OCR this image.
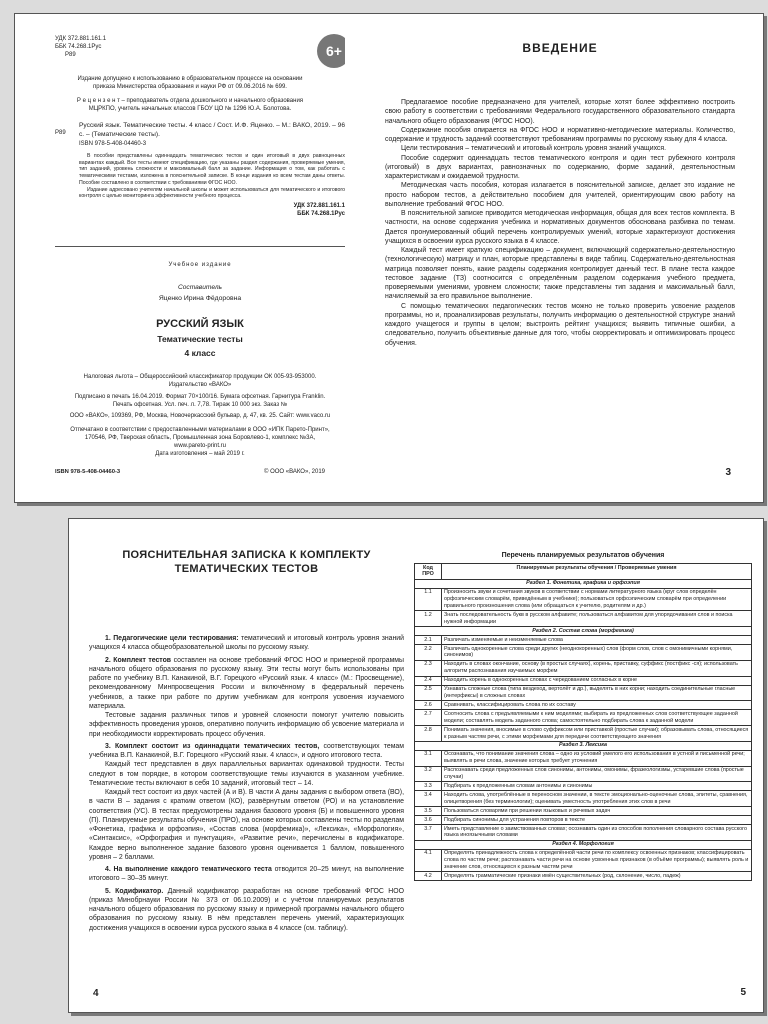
УДК 372.881.161.1
ББК 74.268.1Рус
Р89	6+
Издание допущено к использованию в образовательном процессе на основании приказа Министерства образования и науки РФ от 09.06.2016 № 699.
Р е ц е н з е н т – преподаватель отдела дошкольного и начального образования МЦРКПО, учитель начальных классов ГБОУ ЦО № 1296 Ю.А. Болотова.
Р89
Русский язык. Тематические тесты. 4 класс / Сост. И.Ф. Яценко. – М.: ВАКО, 2019. – 96 с. – (Тематические тесты).
ISBN 978-5-408-04460-3
В пособии представлены одиннадцать тематических тестов и один итоговый в двух равноценных вариантах каждый. Все тесты имеют спецификацию, где указаны раздел содержания, проверяемые умения, тип заданий, уровень сложности и максимальный балл за задание. Информация о том, как работать с тематическими тестами, изложена в пояснительной записке. В конце издания ко всем тестам даны ответы. Пособие составлено в соответствии с требованиями ФГОС НОО.
Издание адресовано учителям начальной школы и может использоваться для тематического и итогового контроля с целью мониторинга эффективности учебного процесса.
УДК 372.881.161.1
ББК 74.268.1Рус
Учебное издание
Составитель
Яценко Ирина Фёдоровна
РУССКИЙ ЯЗЫК
Тематические тесты
4 класс
Налоговая льгота – Общероссийский классификатор продукции ОК 005-93-953000. Издательство «ВАКО»
Подписано в печать 16.04.2019. Формат 70×100/16. Бумага офсетная. Гарнитура Franklin. Печать офсетная. Усл. печ. л. 7,78. Тираж 10 000 экз. Заказ №
ООО «ВАКО», 109369, РФ, Москва, Новочеркасский бульвар, д. 47, кв. 25. Сайт: www.vaco.ru
Отпечатано в соответствии с предоставленными материалами в ООО «ИПК Парето-Принт», 170546, РФ, Тверская область, Промышленная зона Боровлево-1, комплекс №3А, www.pareto-print.ru
Дата изготовления – май 2019 г.
ISBN 978-5-408-04460-3	© ООО «ВАКО», 2019
ВВЕДЕНИЕ

Предлагаемое пособие предназначено для учителей, которые хотят более эффективно построить свою работу в соответствии с требованиями Федерального государственного образовательного стандарта начального общего образования (ФГОС НОО).

Содержание пособия опирается на ФГОС НОО и нормативно-методические материалы. Количество, содержание и трудность заданий соответствуют требованиям программы по русскому языку для 4 класса.

Цели тестирования – тематический и итоговый контроль уровня знаний учащихся.

Пособие содержит одиннадцать тестов тематического контроля и один тест рубежного контроля (итоговый) в двух вариантах, равнозначных по содержанию, форме заданий, деятельностным характеристикам и ожидаемой трудности.

Методическая часть пособия, которая излагается в пояснительной записке, делает это издание не просто набором тестов, а действительно пособием для учителей, ориентирующим свою работу на выполнение требований ФГОС НОО.

В пояснительной записке приводится методическая информация, общая для всех тестов комплекта. В частности, на основе содержания учебника и нормативных документов обоснована разбивка по темам. Дается пронумерованный общий перечень контролируемых умений, которые характеризуют достижения учащихся в освоении курса русского языка в 4 классе.

Каждый тест имеет краткую спецификацию – документ, включающий содержательно-деятельностную (технологическую) матрицу и план, которые представлены в виде таблиц. Содержательно-деятельностная матрица позволяет понять, какие разделы содержания контролирует данный тест. В плане теста каждое тестовое задание (ТЗ) соотносится с определённым разделом содержания учебного предмета, проверяемыми умениями, уровнем сложности; также представлены тип задания и максимальный балл, начисляемый за его правильное выполнение.

С помощью тематических педагогических тестов можно не только проверить усвоение разделов программы, но и, проанализировав результаты, получить информацию о деятельностной структуре знаний каждого учащегося и группы в целом; выстроить рейтинг учащихся; выявить типичные ошибки, а следовательно, получить объективные данные для того, чтобы скорректировать и оптимизировать процесс обучения.

3
ПОЯСНИТЕЛЬНАЯ ЗАПИСКА К КОМПЛЕКТУ
ТЕМАТИЧЕСКИХ ТЕСТОВ

1. Педагогические цели тестирования: тематический и итоговый контроль уровня знаний учащихся 4 класса общеобразовательной школы по русскому языку.

2. Комплект тестов составлен на основе требований ФГОС НОО и примерной программы начального общего образования по русскому языку. Эти тесты могут быть использованы при работе по учебнику В.П. Канакиной, В.Г. Горецкого «Русский язык. 4 класс» (М.: Просвещение), рекомендованному Минпросвещения России и включённому в федеральный перечень учебников, а также при работе по другим учебникам для контроля усвоения изучаемого материала.

Тестовые задания различных типов и уровней сложности помогут учителю повысить эффективность проведения уроков, оперативно получить информацию об усвоение материала и при необходимости корректировать процесс обучения.

3. Комплект состоит из одиннадцати тематических тестов, соответствующих темам учебника В.П. Канакиной, В.Г. Горецкого «Русский язык. 4 класс», и одного итогового теста.

Каждый тест представлен в двух параллельных вариантах одинаковой трудности. Тесты следуют в том порядке, в котором соответствующие темы изучаются в указанном учебнике. Тематические тесты включают в себя 10 заданий, итоговый тест – 14.

Каждый тест состоит из двух частей (А и В). В части А даны задания с выбором ответа (ВО), в части В – задания с кратким ответом (КО), развёрнутым ответом (РО) и на установление соответствия (УС). В тестах предусмотрены задания базового уровня (Б) и повышенного уровня (П). Планируемые результаты обучения (ПРО), на основе которых составлены тесты по разделам «Фонетика, графика и орфоэпия», «Состав слова (морфемика)», «Лексика», «Морфология», «Синтаксис», «Орфография и пунктуация», «Развитие речи», перечислены в кодификаторе. Каждое верно выполненное задание базового уровня оценивается 1 баллом, повышенного уровня – 2 баллами.

4. На выполнение каждого тематического теста отводится 20–25 минут, на выполнение итогового – 30–35 минут.

5. Кодификатор. Данный кодификатор разработан на основе требований ФГОС НОО (приказ Минобрнауки России № 373 от 06.10.2009) и с учётом планируемых результатов начального общего образования по русскому языку и примерной программы начального общего образования по русскому языку. В нём представлен перечень умений, характеризующих достижения учащихся в освоении курса русского языка в 4 классе (см. таблицу).

4
Перечень планируемых результатов обучения
Код ПРО	Планируемые результаты обучения / Проверяемые умения
Раздел 1. Фонетика, графика и орфоэпия	
1.1	Произносить звуки и сочетания звуков в соответствии с нормами литературного языка (круг слов определён орфоэпическим словарём, приведённым в учебнике); пользоваться орфоэпическим словарём при определении правильного произношения слова (или обращаться к учителю, родителям и др.)
1.2	Знать последовательность букв в русском алфавите; пользоваться алфавитом для упорядочивания слов и поиска нужной информации
Раздел 2. Состав слова (морфемика)	
2.1	Различать изменяемые и неизменяемые слова
2.2	Различать однокоренные слова среди других (неоднокоренных) слов (форм слов, слов с омонимичными корнями, синонимов)
2.3	Находить в словах окончание, основу (в простых случаях), корень, приставку, суффикс (постфикс -ся); использовать алгоритм распознавания изучаемых морфем
2.4	Находить корень в однокоренных словах с чередованием согласных в корне
2.5	Узнавать сложные слова (типа вездеход, вертолёт и др.), выделять в них корни; находить соединительные гласные (интерфиксы) в сложных словах
2.6	Сравнивать, классифицировать слова по их составу
2.7	Соотносить слова с предъявляемыми к ним моделями; выбирать из предложенных слов соответствующее заданной модели; составлять модель заданного слова; самостоятельно подбирать слова к заданной модели
2.8	Понимать значения, вносимые в слово суффиксом или приставкой (простые случаи); образовывать слова, относящиеся к разным частям речи, с этими морфемами для передачи соответствующего значения
Раздел 3. Лексика	
3.1	Осознавать, что понимание значения слова – одно из условий умелого его использования в устной и письменной речи; выявлять в речи слова, значение которых требует уточнения
3.2	Распознавать среди предложенных слов синонимы, антонимы, омонимы, фразеологизмы, устаревшие слова (простые случаи)
3.3	Подбирать к предложенным словам антонимы и синонимы
3.4	Находить слова, употреблённые в переносном значении, в тексте эмоционально-оценочные слова, эпитеты, сравнения, олицетворения (без терминологии); оценивать уместность употребления этих слов в речи
3.5	Пользоваться словарями при решении языковых и речевых задач
3.6	Подбирать синонимы для устранения повторов в тексте
3.7	Иметь представление о заимствованных словах; осознавать один из способов пополнения словарного состава русского языка иноязычными словами
Раздел 4. Морфология	
4.1	Определять принадлежность слова к определённой части речи по комплексу освоенных признаков; классифицировать слова по частям речи; распознавать части речи на основе усвоенных признаков (в объёме программы); выявлять роль и значение слов, относящихся к разным частям речи
4.2	Определять грамматические признаки имён существительных (род, склонение, число, падеж)
5
